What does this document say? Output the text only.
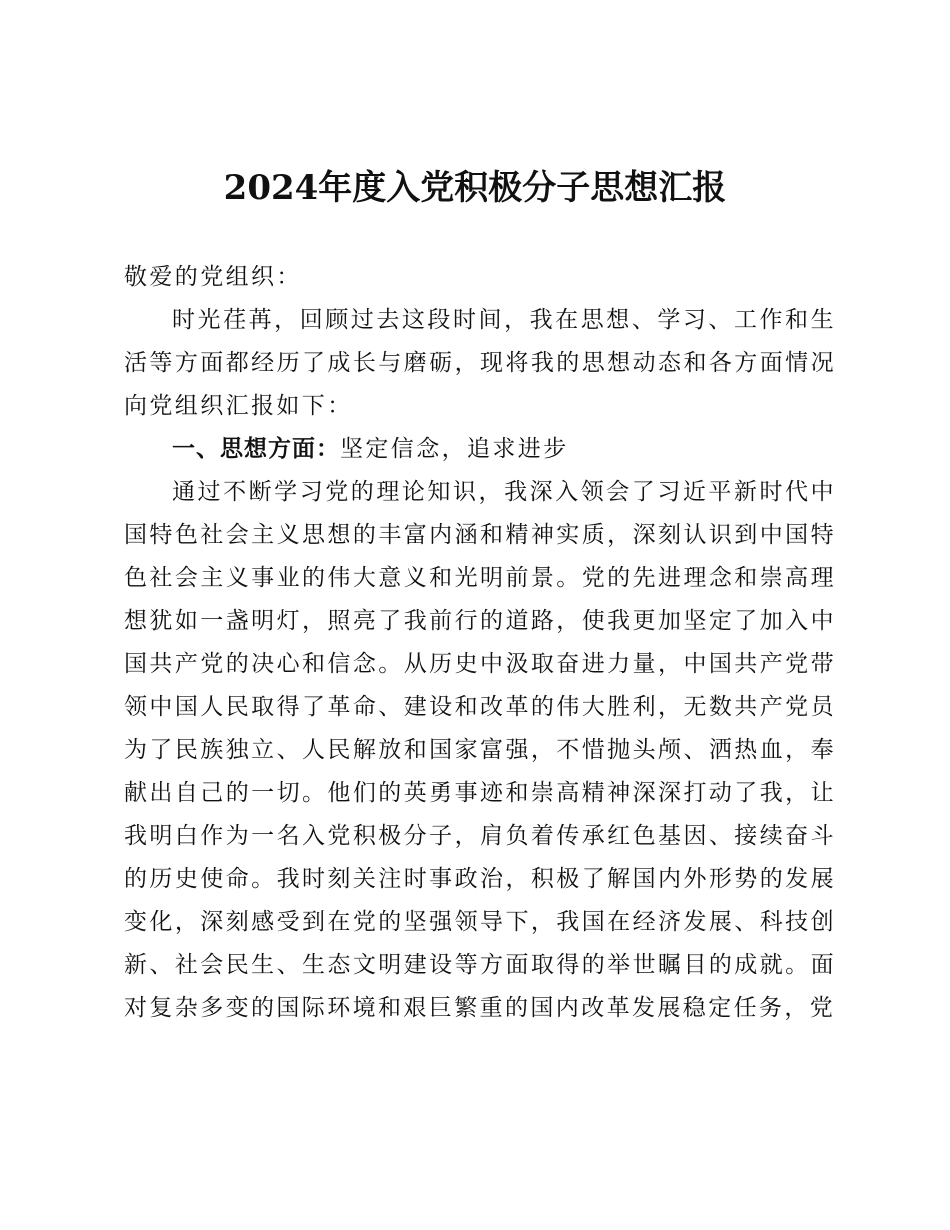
2024年度入党积极分子思想汇报

敬爱的党组织：

时光荏苒，回顾过去这段时间，我在思想、学习、工作和生活等方面都经历了成长与磨砺，现将我的思想动态和各方面情况向党组织汇报如下：

一、思想方面：坚定信念，追求进步

通过不断学习党的理论知识，我深入领会了习近平新时代中国特色社会主义思想的丰富内涵和精神实质，深刻认识到中国特色社会主义事业的伟大意义和光明前景。党的先进理念和崇高理想犹如一盏明灯，照亮了我前行的道路，使我更加坚定了加入中国共产党的决心和信念。从历史中汲取奋进力量，中国共产党带领中国人民取得了革命、建设和改革的伟大胜利，无数共产党员为了民族独立、人民解放和国家富强，不惜抛头颅、洒热血，奉献出自己的一切。他们的英勇事迹和崇高精神深深打动了我，让我明白作为一名入党积极分子，肩负着传承红色基因、接续奋斗的历史使命。我时刻关注时事政治，积极了解国内外形势的发展变化，深刻感受到在党的坚强领导下，我国在经济发展、科技创新、社会民生、生态文明建设等方面取得的举世瞩目的成就。面对复杂多变的国际环境和艰巨繁重的国内改革发展稳定任务，党
